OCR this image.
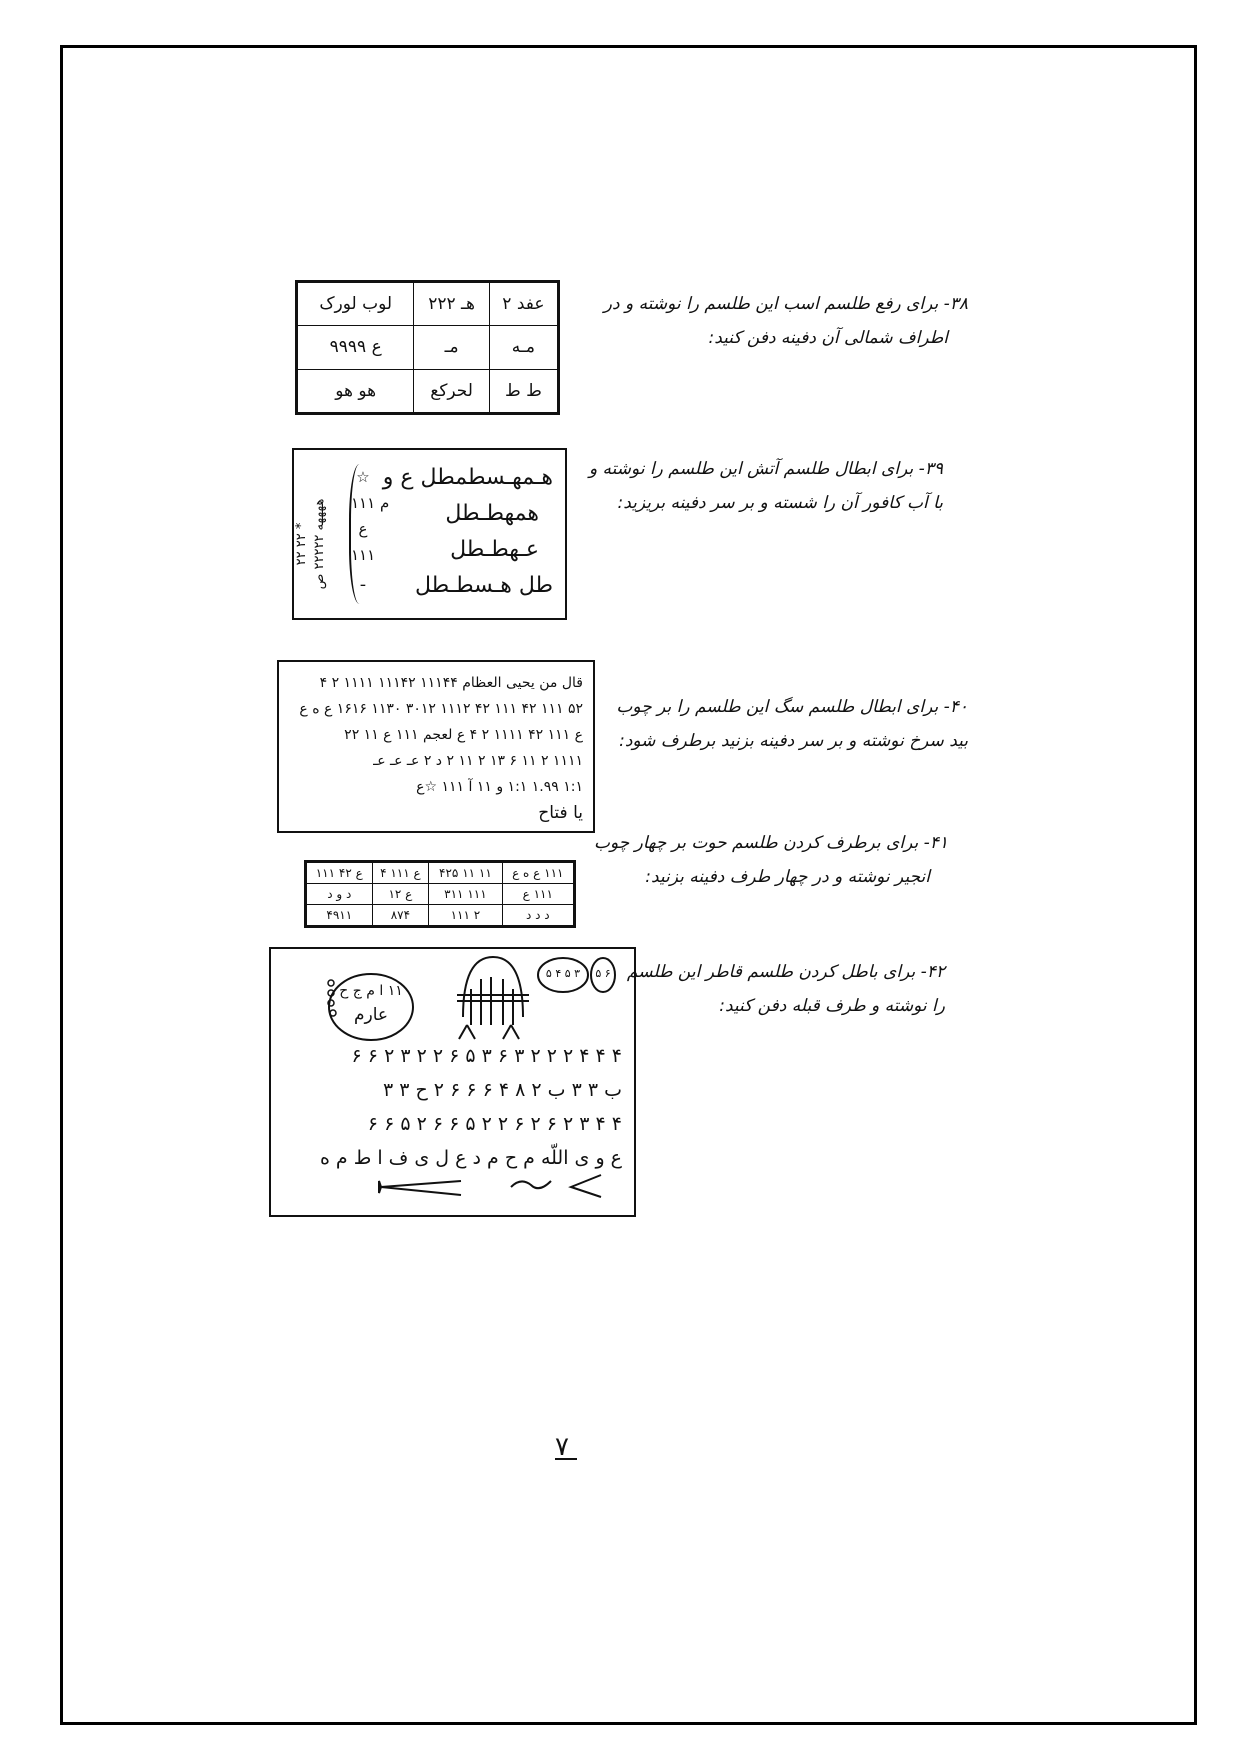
عفد ۲	هـ ۲۲۲	لوب لورک
مـه	مـ	ع ۹۹۹۹
ط ط	لحرکع	هو هو
۳۸- برای رفع طلسم اسب این طلسم را نوشته و در
اطراف شمالی آن دفینه دفن کنید:
هـمهـسطمطل ع و
همهطـطل
عـهطـطل
طل هـسطـطل
☆
۱۱۱ م
ع
۱۱۱
ـ
* ۲۲ ۲۲
ههههه ۲۲۲۲۲ ص
۳۹- برای ابطال طلسم آتش این طلسم را نوشته و
با آب کافور آن را شسته و بر سر دفینه بریزید:
قال من یحیی العظام ۱۱۱۴۴ ۱۱۱۴۲ ۱۱۱۱ ۲ ۴
۵۲ ۱۱۱ ۴۲ ۱۱۱ ۴۲ ۱۱۱۲ ۳۰۱۲ ۱۱۳۰ ۱۶۱۶ ع ه ع
ع ۱۱۱ ۴۲ ۱۱۱۱ ۲ ۴ ع لعجم ۱۱۱ ع ۱۱ ۲۲
۱۱۱۱ ۲ ۱۱ ۶ ۱۳ ۲ ۱۱ ۲ د ۲ عـ عـ عـ
۱:۱ ۱.۹۹ ۱:۱ و ۱۱ آ ۱۱۱ ☆ع
یا فتاح
۴۰- برای ابطال طلسم سگ این طلسم را بر چوب
بید سرخ نوشته و بر سر دفینه بزنید برطرف شود:
۱۱۱ ع ه ع	۱۱ ۱۱ ۴۲۵	ع ۱۱۱ ۴	ع ۴۲ ۱۱۱
۱۱۱ ع	۱۱۱ ۳۱۱	ع ۱۲	د و د
د د د	۲ ۱۱۱	۸۷۴	۴۹۱۱
۴۱- برای برطرف کردن طلسم حوت بر چهار چوب
انجیر نوشته و در چهار طرف دفینه بزنید:
۱۱ ا م ج ح
عارم
۳ ۵ ۴ ۵	۶ ۵
۴ ۴ ۴ ۲ ۲ ۲ ۳ ۶ ۳ ۵ ۶ ۲ ۲ ۳ ۲ ۶ ۶
ب ۳ ۳ ب ۲ ۸ ۴ ۶ ۶ ۶ ۲ ح ۳ ۳
۴ ۴ ۳ ۲ ۶ ۲ ۶ ۲ ۲ ۵ ۶ ۶ ۲ ۵ ۶ ۶
ع و ی اللّه م ح م د ع ل ی ف ا ط م ه
۴۲- برای باطل کردن طلسم قاطر این طلسم
را نوشته و طرف قبله دفن کنید:
۷
